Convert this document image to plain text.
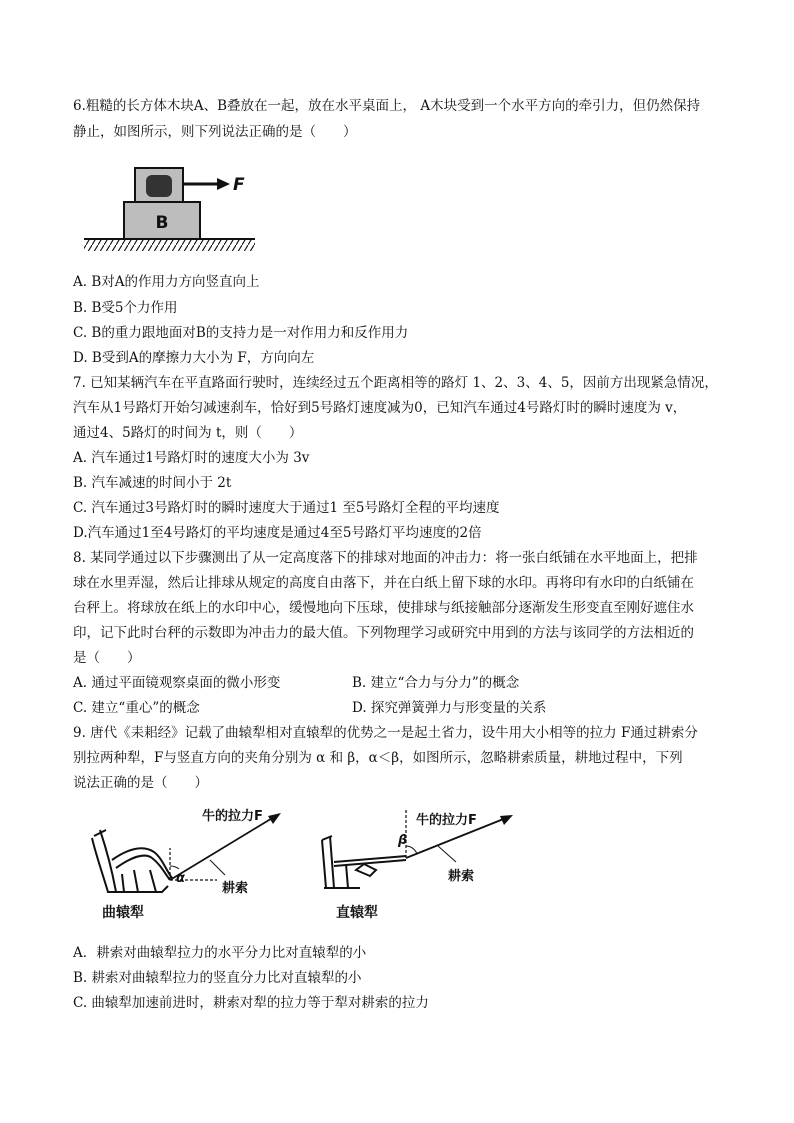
6.粗糙的长方体木块A、B叠放在一起，放在水平桌面上， A木块受到一个水平方向的牵引力，但仍然保持
静止，如图所示，则下列说法正确的是（　　）
B
F
A. B对A的作用力方向竖直向上
B. B受5个力作用
C. B的重力跟地面对B的支持力是一对作用力和反作用力
D. B受到A的摩擦力大小为 F，方向向左
7. 已知某辆汽车在平直路面行驶时，连续经过五个距离相等的路灯 1、2、3、4、5，因前方出现紧急情况，
汽车从1号路灯开始匀减速刹车，恰好到5号路灯速度减为0，已知汽车通过4号路灯时的瞬时速度为 v，
通过4、5路灯的时间为 t，则（　　）
A. 汽车通过1号路灯时的速度大小为 3v
B. 汽车减速的时间小于 2t
C. 汽车通过3号路灯时的瞬时速度大于通过1 至5号路灯全程的平均速度
D.汽车通过1至4号路灯的平均速度是通过4至5号路灯平均速度的2倍
8. 某同学通过以下步骤测出了从一定高度落下的排球对地面的冲击力：将一张白纸铺在水平地面上，把排
球在水里弄湿，然后让排球从规定的高度自由落下，并在白纸上留下球的水印。再将印有水印的白纸铺在
台秤上。将球放在纸上的水印中心，缓慢地向下压球，使排球与纸接触部分逐渐发生形变直至刚好遮住水
印，记下此时台秤的示数即为冲击力的最大值。下列物理学习或研究中用到的方法与该同学的方法相近的
是（　　）
A. 通过平面镜观察桌面的微小形变	B. 建立“合力与分力”的概念
C. 建立“重心”的概念	D. 探究弹簧弹力与形变量的关系
9. 唐代《耒耜经》记载了曲辕犁相对直辕犁的优势之一是起土省力，设牛用大小相等的拉力 F通过耕索分
别拉两种犁，F与竖直方向的夹角分别为 α 和 β，α＜β，如图所示，忽略耕索质量，耕地过程中，下列
说法正确的是（　　）
α
牛的拉力F
耕索
曲辕犁
β
牛的拉力F
耕索
直辕犁
A．耕索对曲辕犁拉力的水平分力比对直辕犁的小
B. 耕索对曲辕犁拉力的竖直分力比对直辕犁的小
C. 曲辕犁加速前进时，耕索对犁的拉力等于犁对耕索的拉力
